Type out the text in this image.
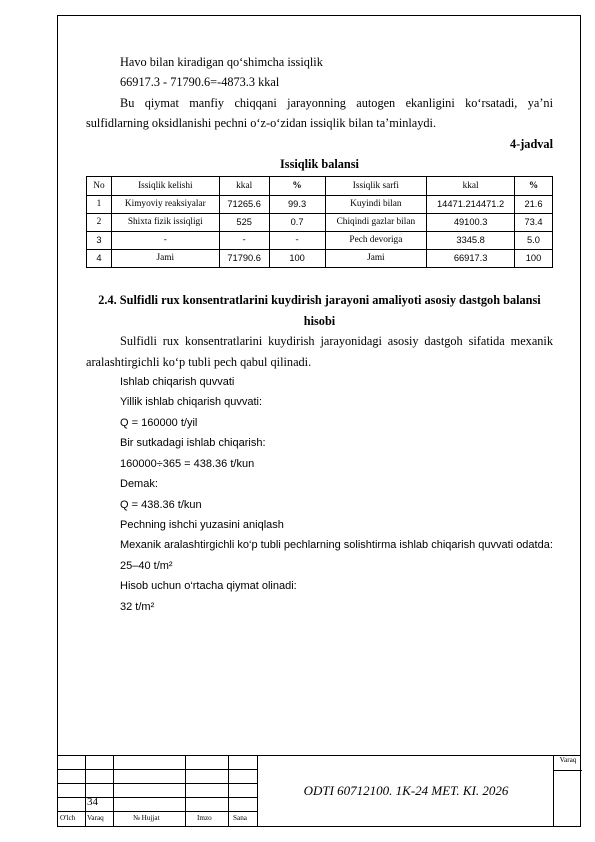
Havo bilan kiradigan qo‘shimcha issiqlik

66917.3 - 71790.6=-4873.3 kkal

Bu qiymat manfiy chiqqani jarayonning autogen ekanligini ko‘rsatadi, ya’ni sulfidlarning oksidlanishi pechni o‘z-o‘zidan issiqlik bilan ta’minlaydi.

4-jadval

Issiqlik balansi

No	Issiqlik kelishi	kkal	%	Issiqlik sarfi	kkal	%
1	Kimyoviy reaksiyalar	71265.6	99.3	Kuyindi bilan	14471.214471.2	21.6
2	Shixta fizik issiqligi	525	0.7	Chiqindi gazlar bilan	49100.3	73.4
3	-	-	-	Pech devoriga	3345.8	5.0
4	Jami	71790.6	100	Jami	66917.3	100

2.4. Sulfidli rux konsentratlarini kuydirish jarayoni amaliyoti asosiy dastgoh balansi hisobi

Sulfidli rux konsentratlarini kuydirish jarayonidagi asosiy dastgoh sifatida mexanik aralashtirgichli ko‘p tubli pech qabul qilinadi.

Ishlab chiqarish quvvati

Yillik ishlab chiqarish quvvati:

Q = 160000 t/yil

Bir sutkadagi ishlab chiqarish:

160000÷365 = 438.36 t/kun

Demak:

Q = 438.36 t/kun

Pechning ishchi yuzasini aniqlash

Mexanik aralashtirgichli ko‘p tubli pechlarning solishtirma ishlab chiqarish quvvati odatda:

25–40 t/m²

Hisob uchun o‘rtacha qiymat olinadi:

32 t/m²

34
O'lch Varaq	№ Hujjat	Imzo	Sana
ODTI 60712100. 1K-24 MET. KI. 2026
Varaq
